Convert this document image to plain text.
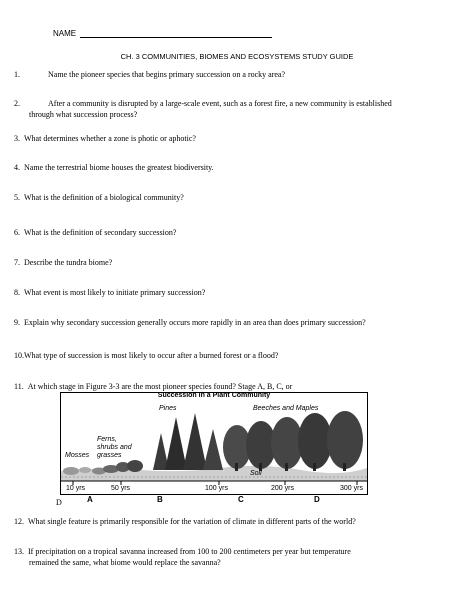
NAME
CH. 3 COMMUNITIES, BIOMES AND ECOSYSTEMS STUDY GUIDE
1.	Name the pioneer species that begins primary succession on a rocky area?
2.	After a community is disrupted by a large-scale event, such as a forest fire, a new community is established
through what succession process?
3. What determines whether a zone is photic or aphotic?
4. Name the terrestrial biome houses the greatest biodiversity.
5. What is the definition of a biological community?
6. What is the definition of secondary succession?
7. Describe the tundra biome?
8. What event is most likely to initiate primary succession?
9. Explain why secondary succession generally occurs more rapidly in an area than does primary succession?
10.What type of succession is most likely to occur after a burned forest or a flood?
11. At which stage in Figure 3-3 are the most pioneer species found? Stage A, B, C, or
Succession in a Plant Community
Pines	Beeches and Maples
Ferns, shrubs and grasses
Mosses
Soil
10 yrs	50 yrs	100 yrs	200 yrs	300 yrs
D	A	B	C	D
12. What single feature is primarily responsible for the variation of climate in different parts of the world?
13. If precipitation on a tropical savanna increased from 100 to 200 centimeters per year but temperature
remained the same, what biome would replace the savanna?
